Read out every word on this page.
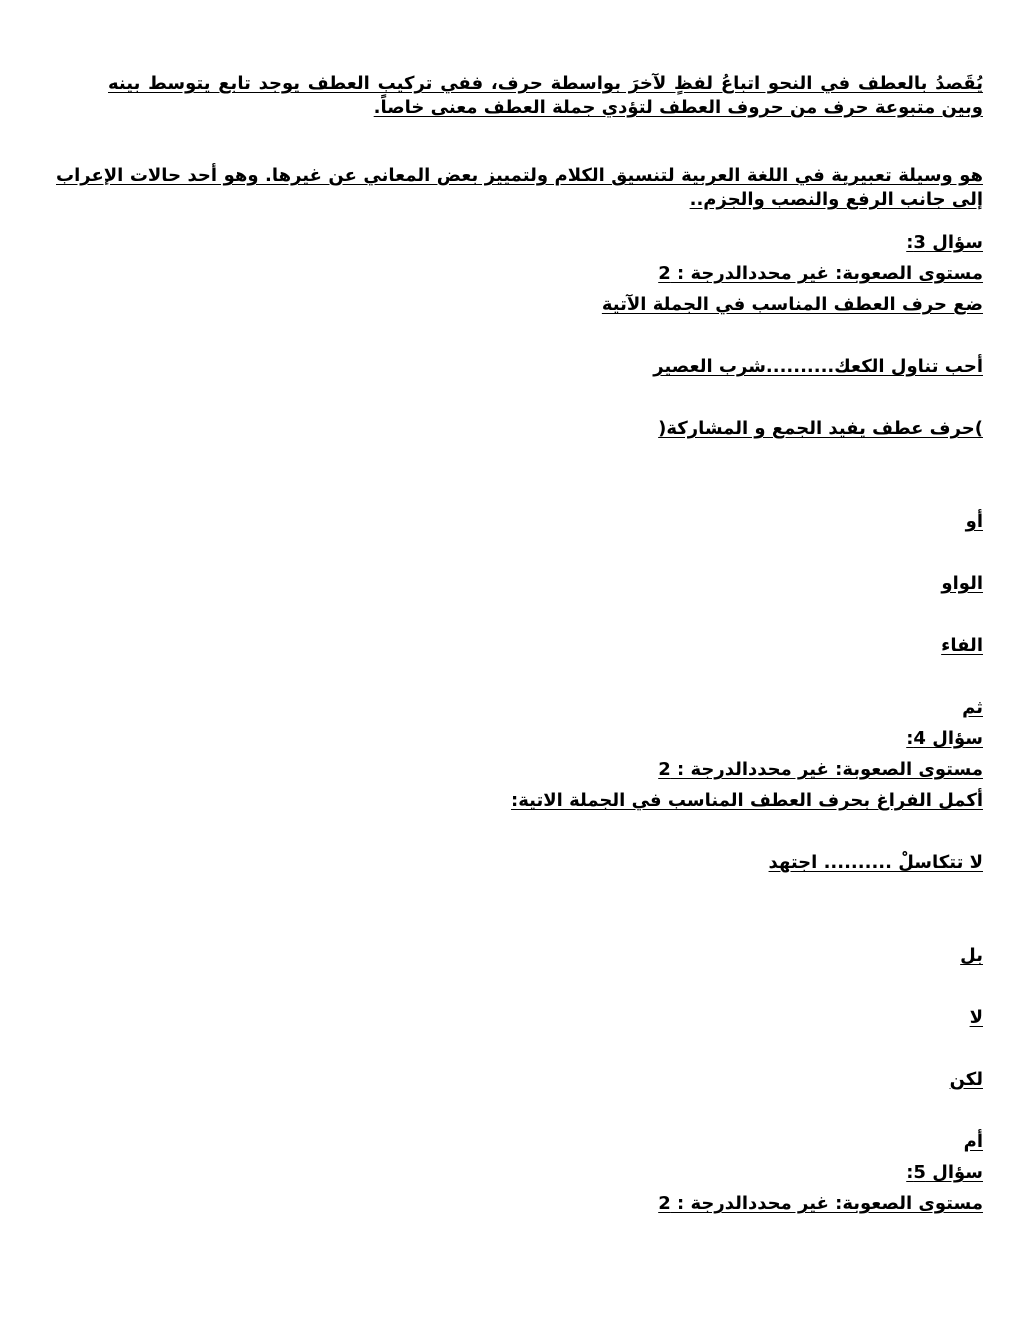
يُقَصدُ بالعطف في النحو اتباعُ لفظٍ لآخرَ بواسطة حرف، ففي تركيب العطف يوجد تابع يتوسط بينه وبين متبوعة حرف من حروف العطف لتؤدي جملة العطف معنى خاصاً.

هو وسيلة تعبيرية في اللغة العربية لتنسيق الكلام ولتمييز بعض المعاني عن غيرها. وهو أحد حالات الإعراب إلى جانب الرفع والنصب والجزم..

سؤال 3:

مستوى الصعوبة: غير محددالدرجة : 2

ضع حرف العطف المناسب في الجملة الآتية

أحب تناول الكعك..........شرب العصير

)حرف عطف يفيد الجمع و المشاركة(

أو

الواو

الفاء

ثم

سؤال 4:

مستوى الصعوبة: غير محددالدرجة : 2

أكمل الفراغ بحرف العطف المناسب في الجملة الاتية:

لا تتكاسلْ .......... اجتهد

بل

لا

لكن

أم

سؤال 5:

مستوى الصعوبة: غير محددالدرجة : 2
